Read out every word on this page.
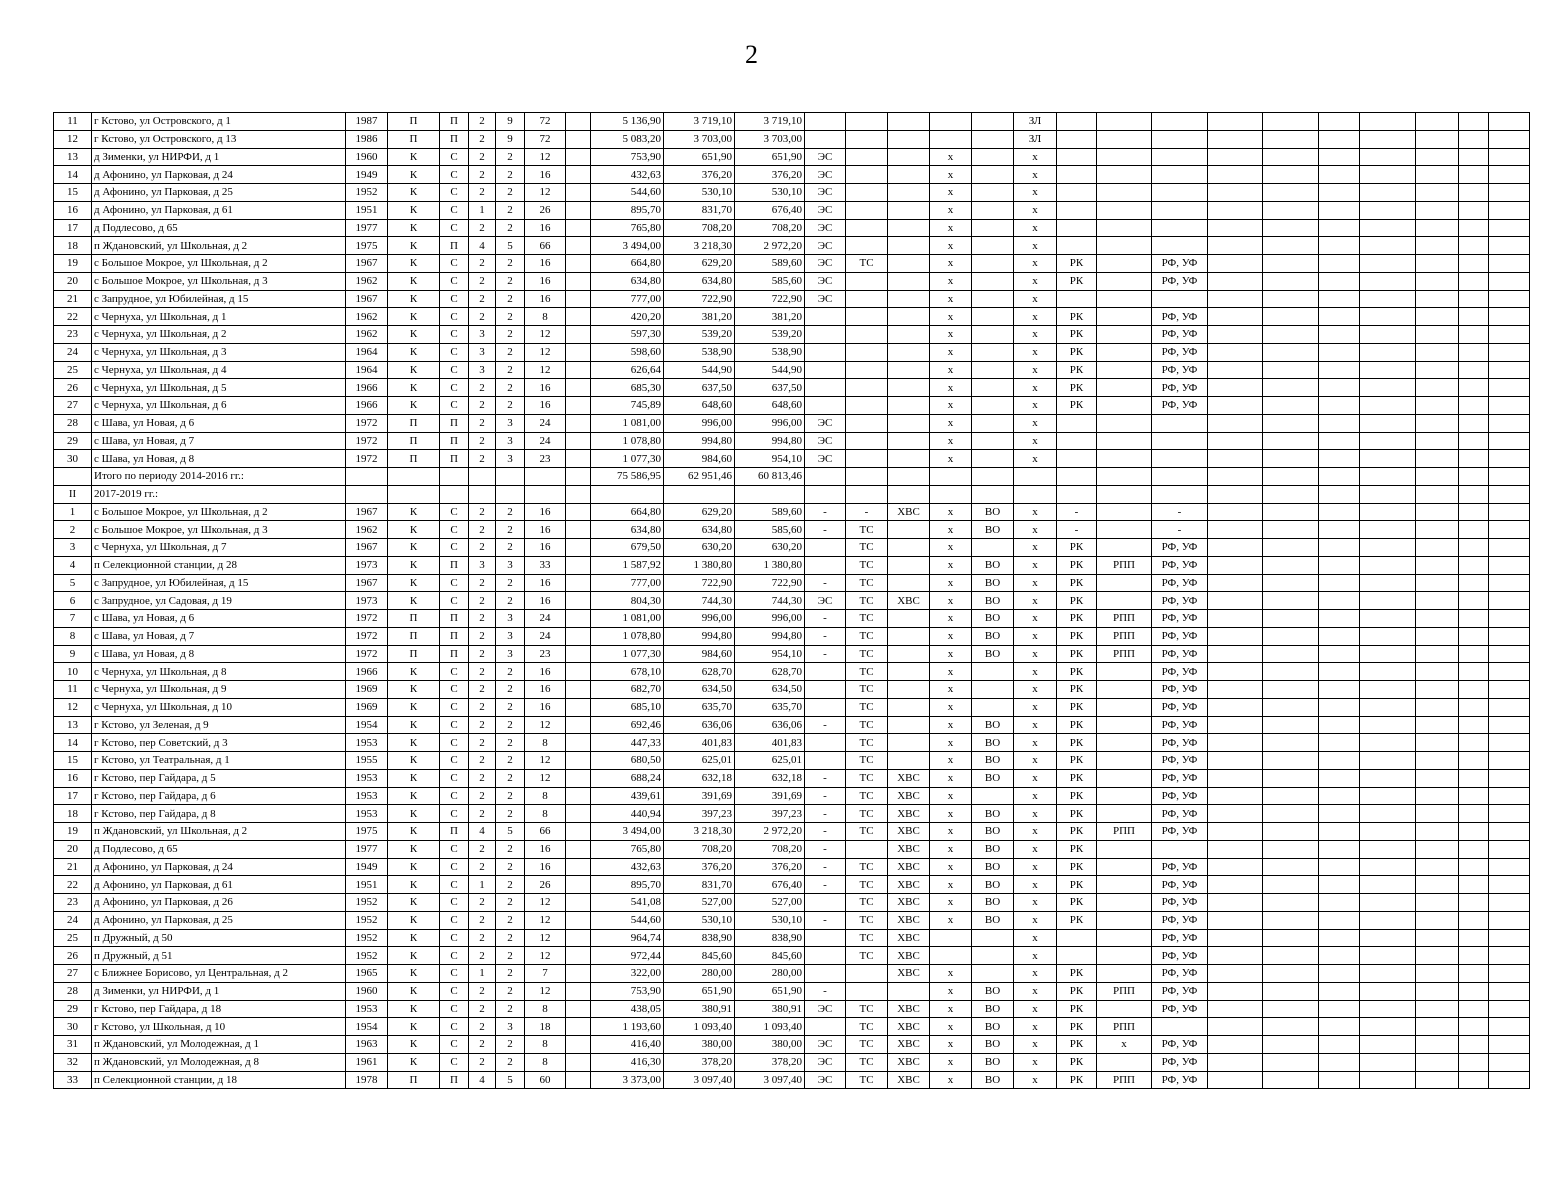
2
11	г Кстово, ул Островского, д 1	1987	П	П	2	9	72		5 136,90	3 719,10	3 719,10						ЗЛ										
12	г Кстово, ул Островского, д 13	1986	П	П	2	9	72		5 083,20	3 703,00	3 703,00						ЗЛ										
13	д Зименки, ул НИРФИ, д 1	1960	К	С	2	2	12		753,90	651,90	651,90	ЭС			х		х										
14	д Афонино, ул Парковая, д 24	1949	К	С	2	2	16		432,63	376,20	376,20	ЭС			х		х										
15	д Афонино, ул Парковая, д 25	1952	К	С	2	2	12		544,60	530,10	530,10	ЭС			х		х										
16	д Афонино, ул Парковая, д 61	1951	К	С	1	2	26		895,70	831,70	676,40	ЭС			х		х										
17	д Подлесово, д 65	1977	К	С	2	2	16		765,80	708,20	708,20	ЭС			х		х										
18	п Ждановский, ул Школьная, д 2	1975	К	П	4	5	66		3 494,00	3 218,30	2 972,20	ЭС			х		х										
19	с Большое Мокрое, ул Школьная, д 2	1967	К	С	2	2	16		664,80	629,20	589,60	ЭС	ТС		х		х	РК		РФ, УФ							
20	с Большое Мокрое, ул Школьная, д 3	1962	К	С	2	2	16		634,80	634,80	585,60	ЭС			х		х	РК		РФ, УФ							
21	с Запрудное, ул Юбилейная, д 15	1967	К	С	2	2	16		777,00	722,90	722,90	ЭС			х		х										
22	с Чернуха, ул Школьная, д 1	1962	К	С	2	2	8		420,20	381,20	381,20				х		х	РК		РФ, УФ							
23	с Чернуха, ул Школьная, д 2	1962	К	С	3	2	12		597,30	539,20	539,20				х		х	РК		РФ, УФ							
24	с Чернуха, ул Школьная, д 3	1964	К	С	3	2	12		598,60	538,90	538,90				х		х	РК		РФ, УФ							
25	с Чернуха, ул Школьная, д 4	1964	К	С	3	2	12		626,64	544,90	544,90				х		х	РК		РФ, УФ							
26	с Чернуха, ул Школьная, д 5	1966	К	С	2	2	16		685,30	637,50	637,50				х		х	РК		РФ, УФ							
27	с Чернуха, ул Школьная, д 6	1966	К	С	2	2	16		745,89	648,60	648,60				х		х	РК		РФ, УФ							
28	с Шава, ул Новая, д 6	1972	П	П	2	3	24		1 081,00	996,00	996,00	ЭС			х		х										
29	с Шава, ул Новая, д 7	1972	П	П	2	3	24		1 078,80	994,80	994,80	ЭС			х		х										
30	с Шава, ул Новая, д 8	1972	П	П	2	3	23		1 077,30	984,60	954,10	ЭС			х		х										
	Итого по периоду 2014-2016 гг.:								75 586,95	62 951,46	60 813,46																
II	2017-2019 гг.:																										
1	с Большое Мокрое, ул Школьная, д 2	1967	К	С	2	2	16		664,80	629,20	589,60	-	-	ХВС	х	ВО	х	-		-							
2	с Большое Мокрое, ул Школьная, д 3	1962	К	С	2	2	16		634,80	634,80	585,60	-	ТС		х	ВО	х	-		-							
3	с Чернуха, ул Школьная, д 7	1967	К	С	2	2	16		679,50	630,20	630,20		ТС		х		х	РК		РФ, УФ							
4	п Селекционной станции, д 28	1973	К	П	3	3	33		1 587,92	1 380,80	1 380,80		ТС		х	ВО	х	РК	РПП	РФ, УФ							
5	с Запрудное, ул Юбилейная, д 15	1967	К	С	2	2	16		777,00	722,90	722,90	-	ТС		х	ВО	х	РК		РФ, УФ							
6	с Запрудное, ул Садовая, д 19	1973	К	С	2	2	16		804,30	744,30	744,30	ЭС	ТС	ХВС	х	ВО	х	РК		РФ, УФ							
7	с Шава, ул Новая, д 6	1972	П	П	2	3	24		1 081,00	996,00	996,00	-	ТС		х	ВО	х	РК	РПП	РФ, УФ							
8	с Шава, ул Новая, д 7	1972	П	П	2	3	24		1 078,80	994,80	994,80	-	ТС		х	ВО	х	РК	РПП	РФ, УФ							
9	с Шава, ул Новая, д 8	1972	П	П	2	3	23		1 077,30	984,60	954,10	-	ТС		х	ВО	х	РК	РПП	РФ, УФ							
10	с Чернуха, ул Школьная, д 8	1966	К	С	2	2	16		678,10	628,70	628,70		ТС		х		х	РК		РФ, УФ							
11	с Чернуха, ул Школьная, д 9	1969	К	С	2	2	16		682,70	634,50	634,50		ТС		х		х	РК		РФ, УФ							
12	с Чернуха, ул Школьная, д 10	1969	К	С	2	2	16		685,10	635,70	635,70		ТС		х		х	РК		РФ, УФ							
13	г Кстово, ул Зеленая, д 9	1954	К	С	2	2	12		692,46	636,06	636,06	-	ТС		х	ВО	х	РК		РФ, УФ							
14	г Кстово, пер Советский, д 3	1953	К	С	2	2	8		447,33	401,83	401,83		ТС		х	ВО	х	РК		РФ, УФ							
15	г Кстово, ул Театральная, д 1	1955	К	С	2	2	12		680,50	625,01	625,01		ТС		х	ВО	х	РК		РФ, УФ							
16	г Кстово, пер Гайдара, д 5	1953	К	С	2	2	12		688,24	632,18	632,18	-	ТС	ХВС	х	ВО	х	РК		РФ, УФ							
17	г Кстово, пер Гайдара, д 6	1953	К	С	2	2	8		439,61	391,69	391,69	-	ТС	ХВС	х		х	РК		РФ, УФ							
18	г Кстово, пер Гайдара, д 8	1953	К	С	2	2	8		440,94	397,23	397,23	-	ТС	ХВС	х	ВО	х	РК		РФ, УФ							
19	п Ждановский, ул Школьная, д 2	1975	К	П	4	5	66		3 494,00	3 218,30	2 972,20	-	ТС	ХВС	х	ВО	х	РК	РПП	РФ, УФ							
20	д Подлесово, д 65	1977	К	С	2	2	16		765,80	708,20	708,20	-		ХВС	х	ВО	х	РК									
21	д Афонино, ул Парковая, д 24	1949	К	С	2	2	16		432,63	376,20	376,20	-	ТС	ХВС	х	ВО	х	РК		РФ, УФ							
22	д Афонино, ул Парковая, д 61	1951	К	С	1	2	26		895,70	831,70	676,40	-	ТС	ХВС	х	ВО	х	РК		РФ, УФ							
23	д Афонино, ул Парковая, д 26	1952	К	С	2	2	12		541,08	527,00	527,00		ТС	ХВС	х	ВО	х	РК		РФ, УФ							
24	д Афонино, ул Парковая, д 25	1952	К	С	2	2	12		544,60	530,10	530,10	-	ТС	ХВС	х	ВО	х	РК		РФ, УФ							
25	п Дружный, д 50	1952	К	С	2	2	12		964,74	838,90	838,90		ТС	ХВС			х			РФ, УФ							
26	п Дружный, д 51	1952	К	С	2	2	12		972,44	845,60	845,60		ТС	ХВС			х			РФ, УФ							
27	с Ближнее Борисово, ул Центральная, д 2	1965	К	С	1	2	7		322,00	280,00	280,00			ХВС	х		х	РК		РФ, УФ							
28	д Зименки, ул НИРФИ, д 1	1960	К	С	2	2	12		753,90	651,90	651,90	-			х	ВО	х	РК	РПП	РФ, УФ							
29	г Кстово, пер Гайдара, д 18	1953	К	С	2	2	8		438,05	380,91	380,91	ЭС	ТС	ХВС	х	ВО	х	РК		РФ, УФ							
30	г Кстово, ул Школьная, д 10	1954	К	С	2	3	18		1 193,60	1 093,40	1 093,40		ТС	ХВС	х	ВО	х	РК	РПП								
31	п Ждановский, ул Молодежная, д 1	1963	К	С	2	2	8		416,40	380,00	380,00	ЭС	ТС	ХВС	х	ВО	х	РК	х	РФ, УФ							
32	п Ждановский, ул Молодежная, д 8	1961	К	С	2	2	8		416,30	378,20	378,20	ЭС	ТС	ХВС	х	ВО	х	РК		РФ, УФ							
33	п Селекционной станции, д 18	1978	П	П	4	5	60		3 373,00	3 097,40	3 097,40	ЭС	ТС	ХВС	х	ВО	х	РК	РПП	РФ, УФ							
